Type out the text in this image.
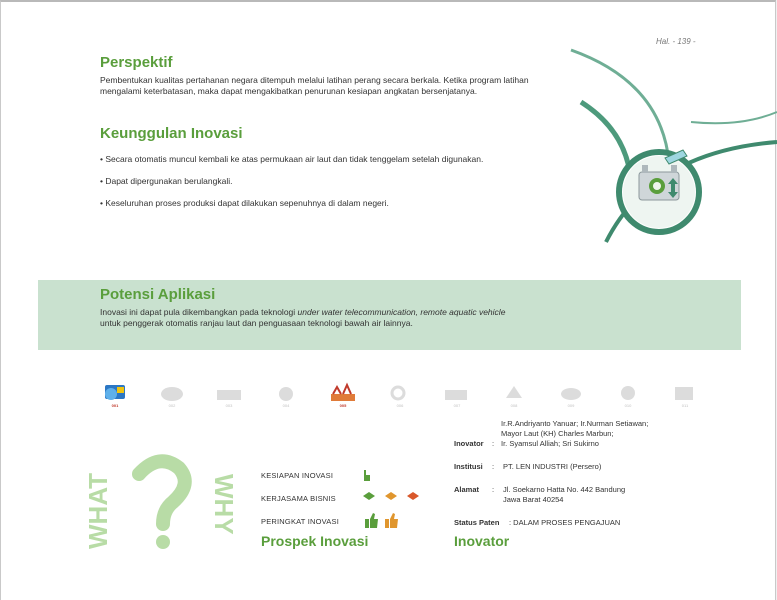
Hal. - 139 -
Perspektif
Pembentukan kualitas pertahanan negara ditempuh melalui latihan perang secara berkala. Ketika program latihan
mengalami keterbatasan, maka dapat mengakibatkan penurunan kesiapan angkatan bersenjatanya.
Keunggulan Inovasi
• Secara otomatis muncul kembali ke atas permukaan air laut dan tidak tenggelam setelah digunakan.
• Dapat dipergunakan berulangkali.
• Keseluruhan proses produksi dapat dilakukan sepenuhnya di dalam negeri.
Potensi Aplikasi
Inovasi ini dapat pula dikembangkan pada teknologi under water telecommunication, remote aquatic vehicle
untuk penggerak otomatis ranjau laut dan penguasaan teknologi bawah air lainnya.
001	002	003	004	005	006	007	008	009	010	011
WHAT	WHY	KESIAPAN INOVASI
KERJASAMA BISNIS
PERINGKAT INOVASI
Prospek Inovasi
Ir.R.Andriyanto Yanuar; Ir.Nurman Setiawan;
Mayor Laut (KH) Charles Marbun;
Inovator : Ir. Syamsul Alliah; Sri Sukirno
Institusi : PT. LEN INDUSTRI (Persero)
Alamat : Jl. Soekarno Hatta No. 442 Bandung
Jawa Barat 40254
Status Paten : DALAM PROSES PENGAJUAN
Inovator
